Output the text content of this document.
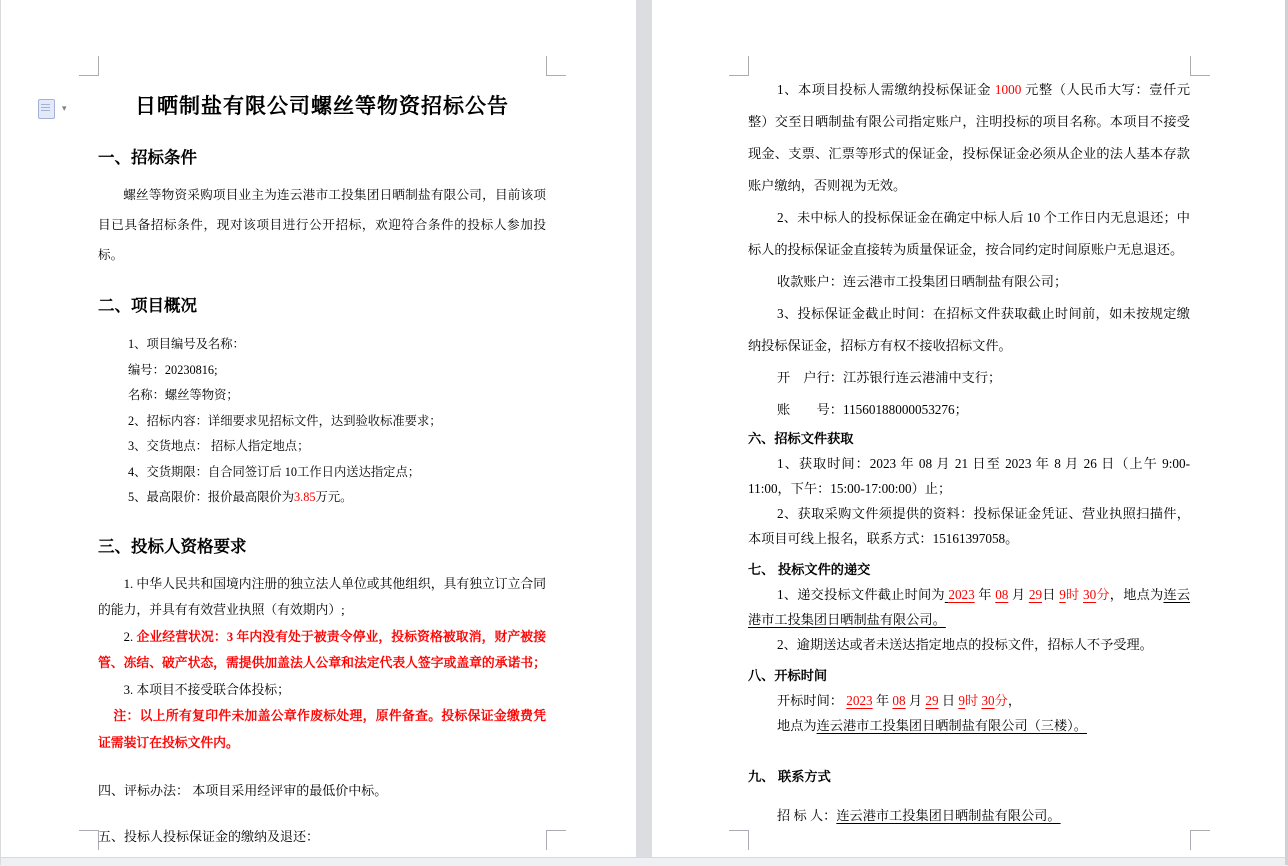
▾	日晒制盐有限公司螺丝等物资招标公告
一、招标条件

螺丝等物资采购项目业主为连云港市工投集团日晒制盐有限公司，目前该项目已具备招标条件，现对该项目进行公开招标，欢迎符合条件的投标人参加投标。

二、项目概况
1、项目编号及名称：
编号：20230816;
名称：螺丝等物资；
2、招标内容：详细要求见招标文件，达到验收标准要求；
3、交货地点： 招标人指定地点；
4、交货期限：自合同签订后 10工作日内送达指定点；
5、最高限价：报价最高限价为3.85万元。
三、投标人资格要求

1. 中华人民共和国境内注册的独立法人单位或其他组织，具有独立订立合同的能力，并具有有效营业执照（有效期内）;

2. 企业经营状况：3 年内没有处于被责令停业，投标资格被取消，财产被接管、冻结、破产状态，需提供加盖法人公章和法定代表人签字或盖章的承诺书；

3. 本项目不接受联合体投标；

注：以上所有复印件未加盖公章作废标处理，原件备查。投标保证金缴费凭证需装订在投标文件内。

四、评标办法： 本项目采用经评审的最低价中标。

五、投标人投标保证金的缴纳及退还：

1、本项目投标人需缴纳投标保证金 1000 元整（人民币大写：壹仟元整）交至日晒制盐有限公司指定账户，注明投标的项目名称。本项目不接受现金、支票、汇票等形式的保证金，投标保证金必须从企业的法人基本存款账户缴纳，否则视为无效。

2、未中标人的投标保证金在确定中标人后 10 个工作日内无息退还；中标人的投标保证金直接转为质量保证金，按合同约定时间原账户无息退还。

收款账户：连云港市工投集团日晒制盐有限公司；

3、投标保证金截止时间：在招标文件获取截止时间前，如未按规定缴纳投标保证金，招标方有权不接收招标文件。

开　户行：江苏银行连云港浦中支行；

账　　号：11560188000053276；

六、招标文件获取

1、获取时间：2023 年 08 月 21 日至 2023 年 8 月 26 日（上午 9:00-11:00，下午：15:00-17:00:00）止；

2、获取采购文件须提供的资料：投标保证金凭证、营业执照扫描件，本项目可线上报名，联系方式：15161397058。

七、 投标文件的递交

1、递交投标文件截止时间为 2023 年 08 月 29日 9时 30分，地点为连云港市工投集团日晒制盐有限公司。

2、逾期送达或者未送达指定地点的投标文件，招标人不予受理。

八、开标时间

开标时间： 2023 年 08 月 29 日 9时 30分，

地点为连云港市工投集团日晒制盐有限公司（三楼）。

九、 联系方式

招 标 人：连云港市工投集团日晒制盐有限公司。
